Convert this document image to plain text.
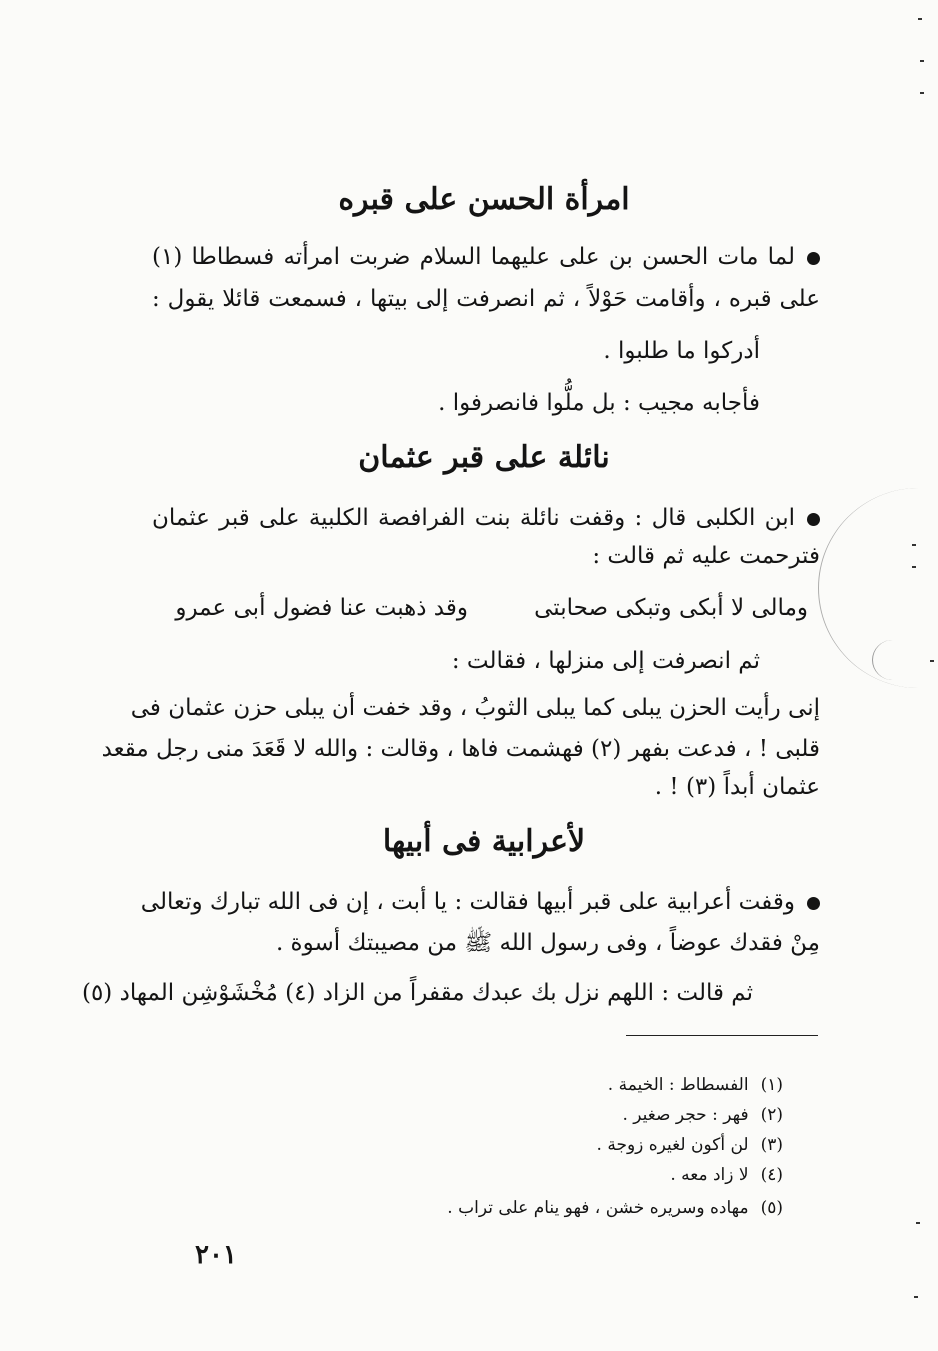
امرأة الحسن على قبره

لما مات الحسن بن على عليهما السلام ضربت امرأته فسطاطا (١)

على قبره ، وأقامت حَوْلاً ، ثم انصرفت إلى بيتها ، فسمعت قائلا يقول :

أدركوا ما طلبوا .

فأجابه مجيب : بل ملُّوا فانصرفوا .

نائلة على قبر عثمان

ابن الكلبى قال : وقفت نائلة بنت الفرافصة الكلبية على قبر عثمان

فترحمت عليه ثم قالت :

ومالى لا أبكى وتبكى صحابتى
وقد ذهبت عنا فضول أبى عمرو

ثم انصرفت إلى منزلها ، فقالت :

إنى رأيت الحزن يبلى كما يبلى الثوبُ ، وقد خفت أن يبلى حزن عثمان فى

قلبى ! ، فدعت بفهر (٢) فهشمت فاها ، وقالت : والله لا قَعَدَ منى رجل مقعد

عثمان أبداً (٣) ! .

لأعرابية فى أبيها

وقفت أعرابية على قبر أبيها فقالت : يا أبت ، إن فى الله تبارك وتعالى

مِنْ فقدك عوضاً ، وفى رسول الله ﷺ من مصيبتك أسوة .

ثم قالت : اللهم نزل بك عبدك مقفراً من الزاد (٤) مُخْشَوْشِن المهاد (٥)

(١)الفسطاط : الخيمة .
(٢)فهر : حجر صغير .
(٣)لن أكون لغيره زوجة .
(٤)لا زاد معه .
(٥)مهاده وسريره خشن ، فهو ينام على تراب .
٢٠١
